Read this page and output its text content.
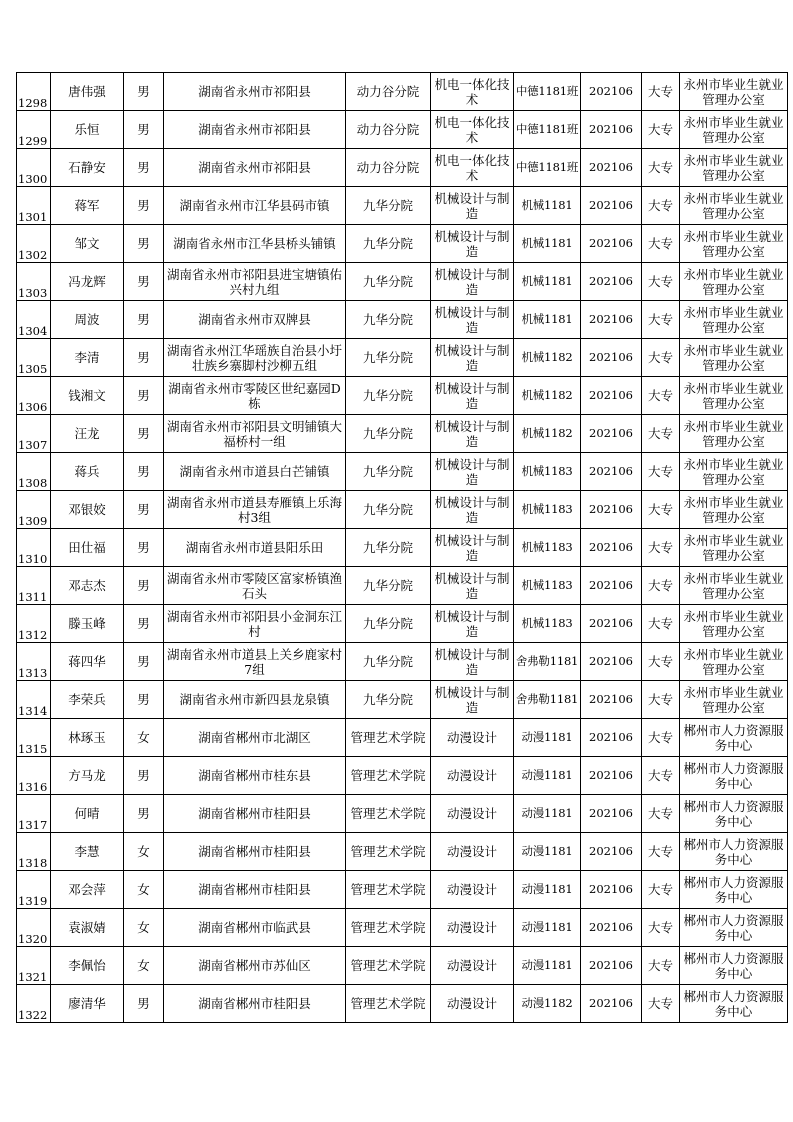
1298	唐伟强	男	湖南省永州市祁阳县	动力谷分院	机电一体化技术	中德1181班	202106	大专	永州市毕业生就业管理办公室
1299	乐恒	男	湖南省永州市祁阳县	动力谷分院	机电一体化技术	中德1181班	202106	大专	永州市毕业生就业管理办公室
1300	石静安	男	湖南省永州市祁阳县	动力谷分院	机电一体化技术	中德1181班	202106	大专	永州市毕业生就业管理办公室
1301	蒋军	男	湖南省永州市江华县码市镇	九华分院	机械设计与制造	机械1181	202106	大专	永州市毕业生就业管理办公室
1302	邹文	男	湖南省永州市江华县桥头铺镇	九华分院	机械设计与制造	机械1181	202106	大专	永州市毕业生就业管理办公室
1303	冯龙辉	男	湖南省永州市祁阳县进宝塘镇佑兴村九组	九华分院	机械设计与制造	机械1181	202106	大专	永州市毕业生就业管理办公室
1304	周波	男	湖南省永州市双牌县	九华分院	机械设计与制造	机械1181	202106	大专	永州市毕业生就业管理办公室
1305	李清	男	湖南省永州江华瑶族自治县小圩壮族乡寨脚村沙柳五组	九华分院	机械设计与制造	机械1182	202106	大专	永州市毕业生就业管理办公室
1306	钱湘文	男	湖南省永州市零陵区世纪嘉园D栋	九华分院	机械设计与制造	机械1182	202106	大专	永州市毕业生就业管理办公室
1307	汪龙	男	湖南省永州市祁阳县文明铺镇大福桥村一组	九华分院	机械设计与制造	机械1182	202106	大专	永州市毕业生就业管理办公室
1308	蒋兵	男	湖南省永州市道县白芒铺镇	九华分院	机械设计与制造	机械1183	202106	大专	永州市毕业生就业管理办公室
1309	邓银姣	男	湖南省永州市道县寿雁镇上乐海村3组	九华分院	机械设计与制造	机械1183	202106	大专	永州市毕业生就业管理办公室
1310	田仕福	男	湖南省永州市道县阳乐田	九华分院	机械设计与制造	机械1183	202106	大专	永州市毕业生就业管理办公室
1311	邓志杰	男	湖南省永州市零陵区富家桥镇渔石头	九华分院	机械设计与制造	机械1183	202106	大专	永州市毕业生就业管理办公室
1312	滕玉峰	男	湖南省永州市祁阳县小金洞东江村	九华分院	机械设计与制造	机械1183	202106	大专	永州市毕业生就业管理办公室
1313	蒋四华	男	湖南省永州市道县上关乡鹿家村7组	九华分院	机械设计与制造	舍弗勒1181	202106	大专	永州市毕业生就业管理办公室
1314	李荣兵	男	湖南省永州市新四县龙泉镇	九华分院	机械设计与制造	舍弗勒1181	202106	大专	永州市毕业生就业管理办公室
1315	林琢玉	女	湖南省郴州市北湖区	管理艺术学院	动漫设计	动漫1181	202106	大专	郴州市人力资源服务中心
1316	方马龙	男	湖南省郴州市桂东县	管理艺术学院	动漫设计	动漫1181	202106	大专	郴州市人力资源服务中心
1317	何晴	男	湖南省郴州市桂阳县	管理艺术学院	动漫设计	动漫1181	202106	大专	郴州市人力资源服务中心
1318	李慧	女	湖南省郴州市桂阳县	管理艺术学院	动漫设计	动漫1181	202106	大专	郴州市人力资源服务中心
1319	邓会萍	女	湖南省郴州市桂阳县	管理艺术学院	动漫设计	动漫1181	202106	大专	郴州市人力资源服务中心
1320	袁淑婧	女	湖南省郴州市临武县	管理艺术学院	动漫设计	动漫1181	202106	大专	郴州市人力资源服务中心
1321	李佩怡	女	湖南省郴州市苏仙区	管理艺术学院	动漫设计	动漫1181	202106	大专	郴州市人力资源服务中心
1322	廖清华	男	湖南省郴州市桂阳县	管理艺术学院	动漫设计	动漫1182	202106	大专	郴州市人力资源服务中心
